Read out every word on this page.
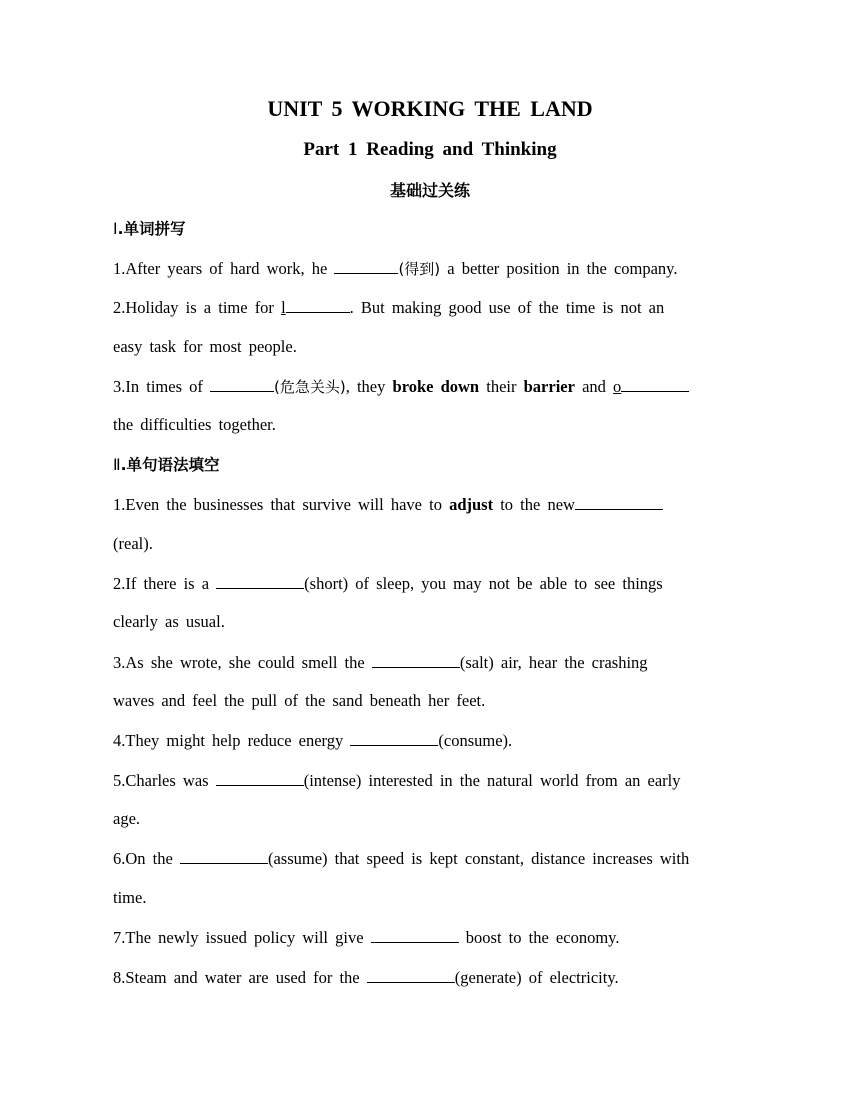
UNIT 5 WORKING THE LAND
Part 1 Reading and Thinking
基础过关练
Ⅰ.单词拼写
1.After years of hard work, he	(得到) a better position in the company.
2.Holiday is a time for l	. But making good use of the time is not an
easy task for most people.
3.In times of	(危急关头), they broke down their barrier and o
the difficulties together.
Ⅱ.单句语法填空
1.Even the businesses that survive will have to adjust to the new
(real).
2.If there is a	(short) of sleep, you may not be able to see things
clearly as usual.
3.As she wrote, she could smell the	(salt) air, hear the crashing
waves and feel the pull of the sand beneath her feet.
4.They might help reduce energy	(consume).
5.Charles was	(intense) interested in the natural world from an early
age.
6.On the	(assume) that speed is kept constant, distance increases with
time.
7.The newly issued policy will give	boost to the economy.
8.Steam and water are used for the	(generate) of electricity.
